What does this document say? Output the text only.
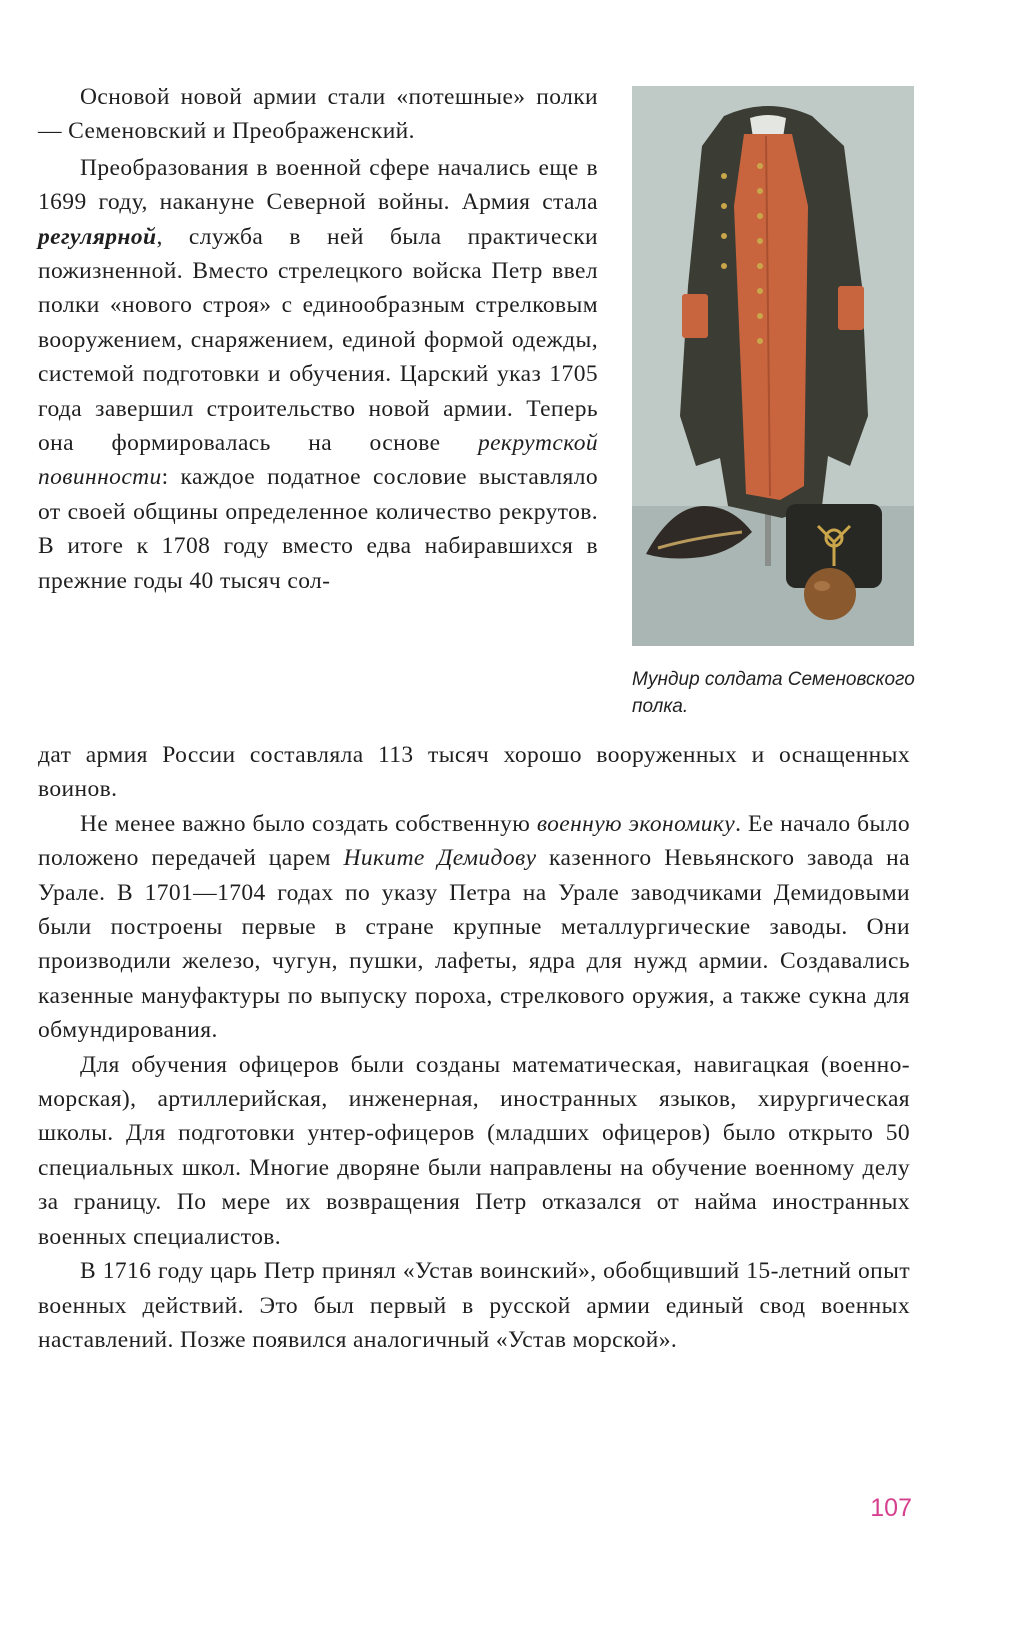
Мундир солдата Семеновского полка.

Основой новой армии стали «потешные» полки — Семеновский и Преображенский.

Преобразования в военной сфере начались еще в 1699 году, накануне Северной войны. Армия стала регулярной, служба в ней была практически пожизненной. Вместо стрелецкого войска Петр ввел полки «нового строя» с единообразным стрелковым вооружением, снаряжением, единой формой одежды, системой подготовки и обучения. Царский указ 1705 года завершил строительство новой армии. Теперь она формировалась на основе рекрутской повинности: каждое податное сословие выставляло от своей общины определенное количество рекрутов. В итоге к 1708 году вместо едва набиравшихся в прежние годы 40 тысяч сол-

дат армия России составляла 113 тысяч хорошо вооруженных и оснащенных воинов.

Не менее важно было создать собственную военную экономику. Ее начало было положено передачей царем Никите Демидову казенного Невьянского завода на Урале. В 1701—1704 годах по указу Петра на Урале заводчиками Демидовыми были построены первые в стране крупные металлургические заводы. Они производили железо, чугун, пушки, лафеты, ядра для нужд армии. Создавались казенные мануфактуры по выпуску пороха, стрелкового оружия, а также сукна для обмундирования.

Для обучения офицеров были созданы математическая, навигацкая (военно-морская), артиллерийская, инженерная, иностранных языков, хирургическая школы. Для подготовки унтер-офицеров (младших офицеров) было открыто 50 специальных школ. Многие дворяне были направлены на обучение военному делу за границу. По мере их возвращения Петр отказался от найма иностранных военных специалистов.

В 1716 году царь Петр принял «Устав воинский», обобщивший 15-летний опыт военных действий. Это был первый в русской армии единый свод военных наставлений. Позже появился аналогичный «Устав морской».

107
